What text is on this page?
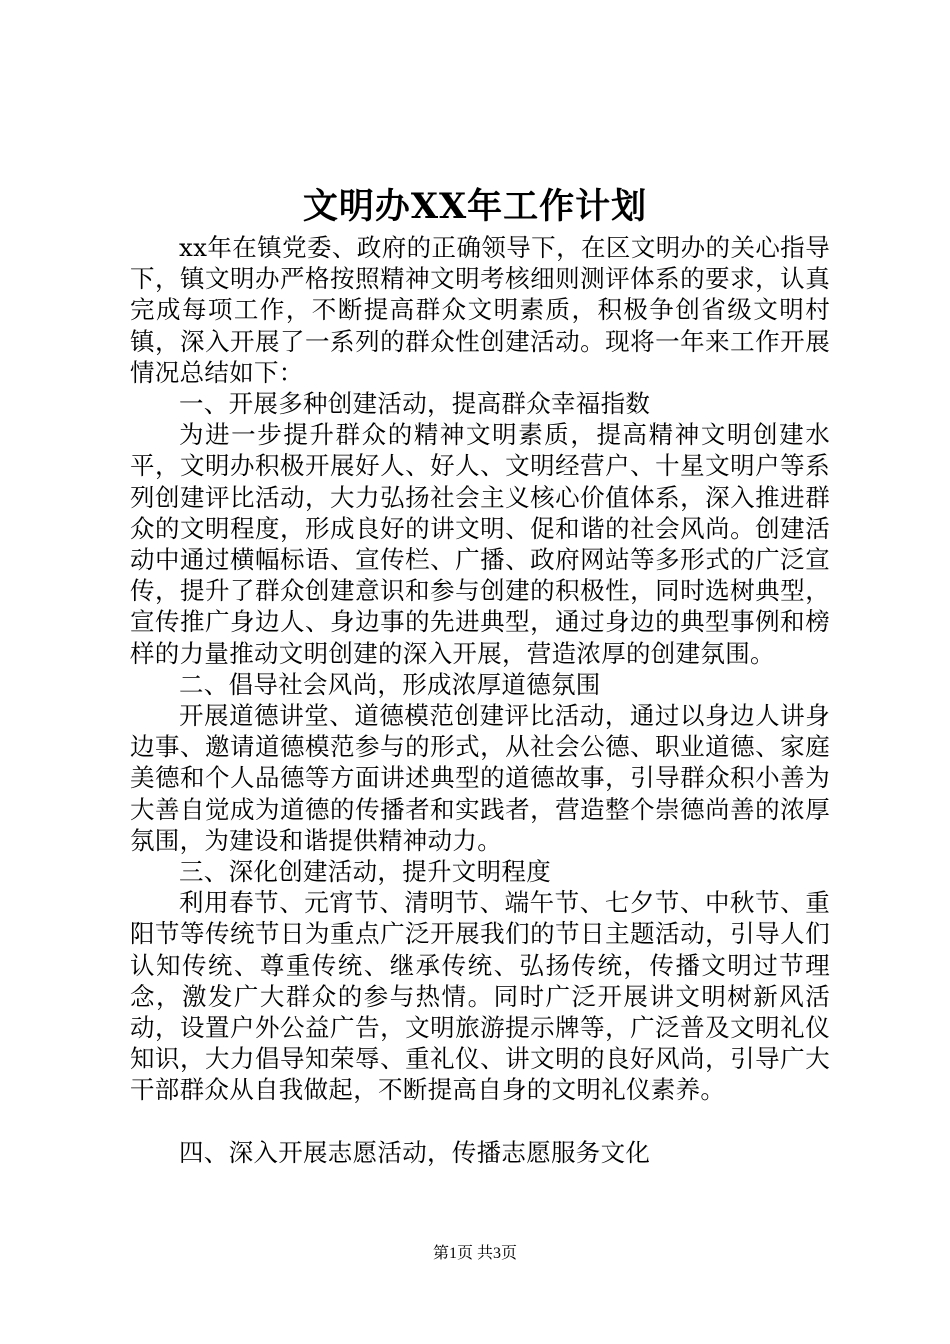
文明办XX年工作计划

xx年在镇党委、政府的正确领导下，在区文明办的关心指导下，镇文明办严格按照精神文明考核细则测评体系的要求，认真完成每项工作，不断提高群众文明素质，积极争创省级文明村镇，深入开展了一系列的群众性创建活动。现将一年来工作开展情况总结如下：

一、开展多种创建活动，提高群众幸福指数

为进一步提升群众的精神文明素质，提高精神文明创建水平，文明办积极开展好人、好人、文明经营户、十星文明户等系列创建评比活动，大力弘扬社会主义核心价值体系，深入推进群众的文明程度，形成良好的讲文明、促和谐的社会风尚。创建活动中通过横幅标语、宣传栏、广播、政府网站等多形式的广泛宣传，提升了群众创建意识和参与创建的积极性，同时选树典型，宣传推广身边人、身边事的先进典型，通过身边的典型事例和榜样的力量推动文明创建的深入开展，营造浓厚的创建氛围。

二、倡导社会风尚，形成浓厚道德氛围

开展道德讲堂、道德模范创建评比活动，通过以身边人讲身边事、邀请道德模范参与的形式，从社会公德、职业道德、家庭美德和个人品德等方面讲述典型的道德故事，引导群众积小善为大善自觉成为道德的传播者和实践者，营造整个崇德尚善的浓厚氛围，为建设和谐提供精神动力。

三、深化创建活动，提升文明程度

利用春节、元宵节、清明节、端午节、七夕节、中秋节、重阳节等传统节日为重点广泛开展我们的节日主题活动，引导人们认知传统、尊重传统、继承传统、弘扬传统，传播文明过节理念，激发广大群众的参与热情。同时广泛开展讲文明树新风活动，设置户外公益广告，文明旅游提示牌等，广泛普及文明礼仪知识，大力倡导知荣辱、重礼仪、讲文明的良好风尚，引导广大干部群众从自我做起，不断提高自身的文明礼仪素养。

四、深入开展志愿活动，传播志愿服务文化

第1页 共3页
